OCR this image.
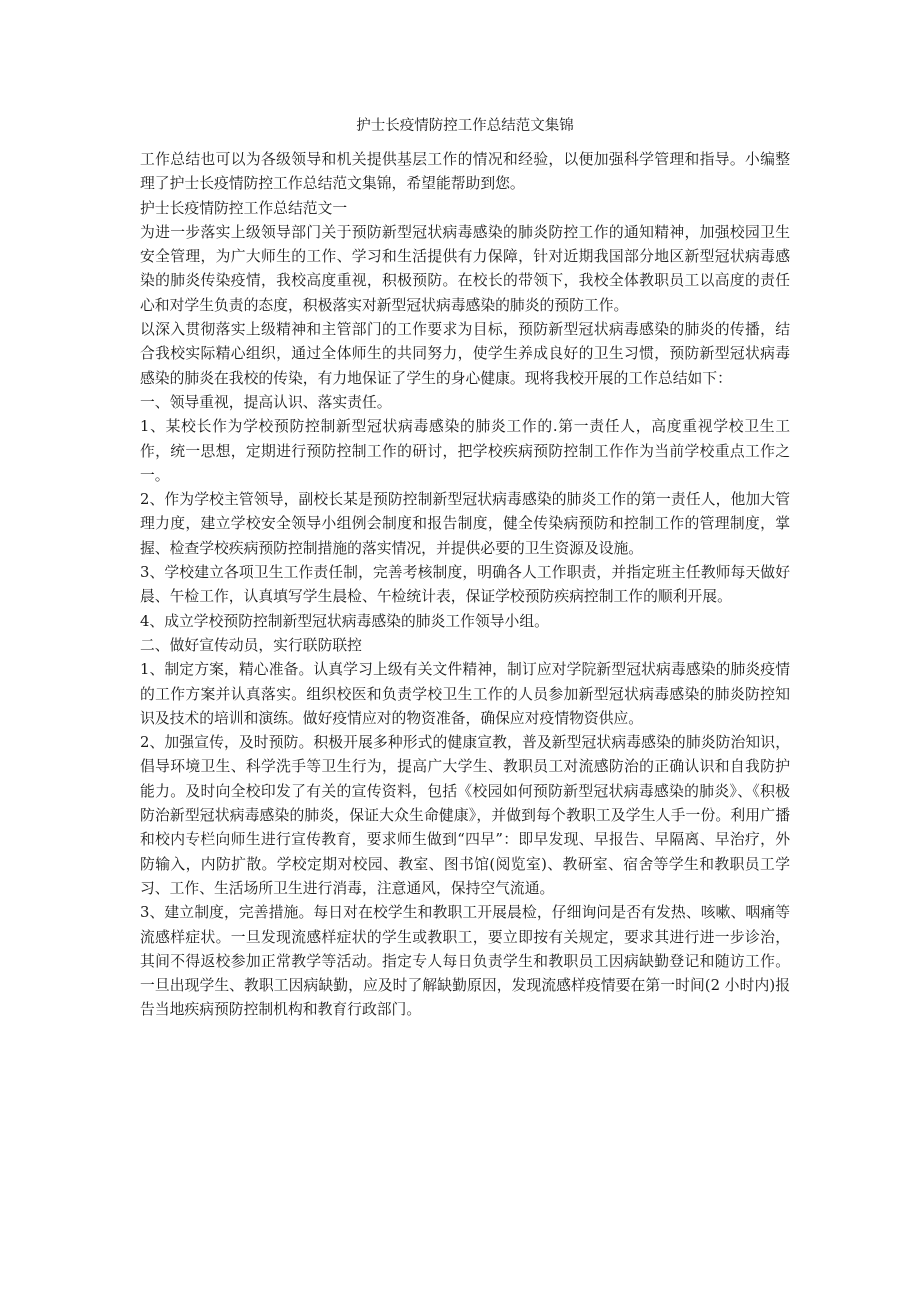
护士长疫情防控工作总结范文集锦

工作总结也可以为各级领导和机关提供基层工作的情况和经验，以便加强科学管理和指导。小编整理了护士长疫情防控工作总结范文集锦，希望能帮助到您。

护士长疫情防控工作总结范文一

为进一步落实上级领导部门关于预防新型冠状病毒感染的肺炎防控工作的通知精神，加强校园卫生安全管理，为广大师生的工作、学习和生活提供有力保障，针对近期我国部分地区新型冠状病毒感染的肺炎传染疫情，我校高度重视，积极预防。在校长的带领下，我校全体教职员工以高度的责任心和对学生负责的态度，积极落实对新型冠状病毒感染的肺炎的预防工作。

以深入贯彻落实上级精神和主管部门的工作要求为目标，预防新型冠状病毒感染的肺炎的传播，结合我校实际精心组织，通过全体师生的共同努力，使学生养成良好的卫生习惯，预防新型冠状病毒感染的肺炎在我校的传染，有力地保证了学生的身心健康。现将我校开展的工作总结如下：

一、领导重视，提高认识、落实责任。

1、某校长作为学校预防控制新型冠状病毒感染的肺炎工作的.第一责任人，高度重视学校卫生工作，统一思想，定期进行预防控制工作的研讨，把学校疾病预防控制工作作为当前学校重点工作之一。

2、作为学校主管领导，副校长某是预防控制新型冠状病毒感染的肺炎工作的第一责任人，他加大管理力度，建立学校安全领导小组例会制度和报告制度，健全传染病预防和控制工作的管理制度，掌握、检查学校疾病预防控制措施的落实情况，并提供必要的卫生资源及设施。

3、学校建立各项卫生工作责任制，完善考核制度，明确各人工作职责，并指定班主任教师每天做好晨、午检工作，认真填写学生晨检、午检统计表，保证学校预防疾病控制工作的顺利开展。

4、成立学校预防控制新型冠状病毒感染的肺炎工作领导小组。

二、做好宣传动员，实行联防联控

1、制定方案，精心准备。认真学习上级有关文件精神，制订应对学院新型冠状病毒感染的肺炎疫情的工作方案并认真落实。组织校医和负责学校卫生工作的人员参加新型冠状病毒感染的肺炎防控知识及技术的培训和演练。做好疫情应对的物资准备，确保应对疫情物资供应。

2、加强宣传，及时预防。积极开展多种形式的健康宣教，普及新型冠状病毒感染的肺炎防治知识，倡导环境卫生、科学洗手等卫生行为，提高广大学生、教职员工对流感防治的正确认识和自我防护能力。及时向全校印发了有关的宣传资料，包括《校园如何预防新型冠状病毒感染的肺炎》、《积极防治新型冠状病毒感染的肺炎，保证大众生命健康》，并做到每个教职工及学生人手一份。利用广播和校内专栏向师生进行宣传教育，要求师生做到“四早”：即早发现、早报告、早隔离、早治疗，外防输入，内防扩散。学校定期对校园、教室、图书馆(阅览室)、教研室、宿舍等学生和教职员工学习、工作、生活场所卫生进行消毒，注意通风，保持空气流通。

3、建立制度，完善措施。每日对在校学生和教职工开展晨检，仔细询问是否有发热、咳嗽、咽痛等流感样症状。一旦发现流感样症状的学生或教职工，要立即按有关规定，要求其进行进一步诊治，其间不得返校参加正常教学等活动。指定专人每日负责学生和教职员工因病缺勤登记和随访工作。一旦出现学生、教职工因病缺勤，应及时了解缺勤原因，发现流感样疫情要在第一时间(2 小时内)报告当地疾病预防控制机构和教育行政部门。
